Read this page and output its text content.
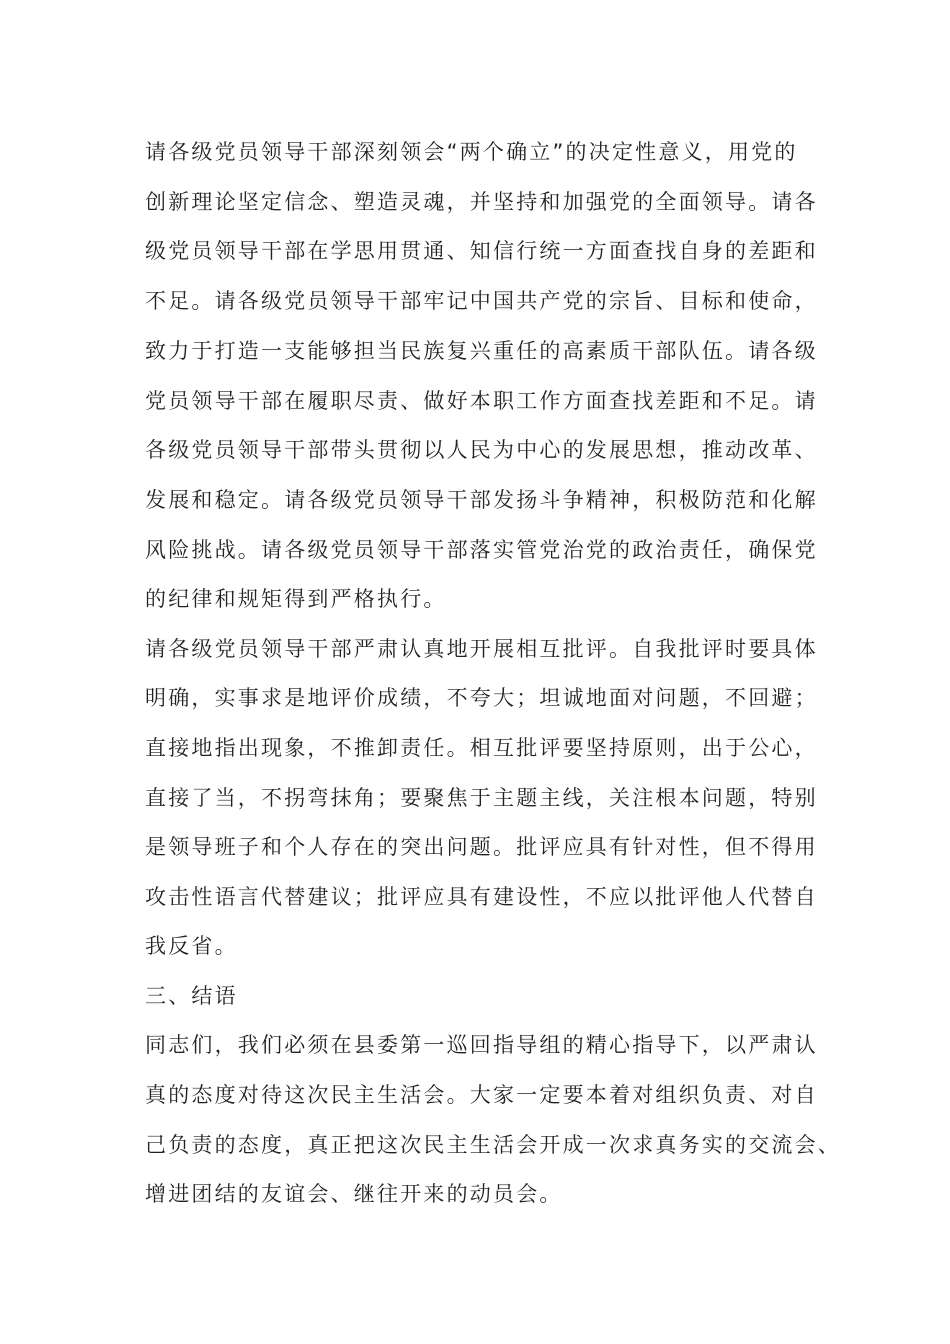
请各级党员领导干部深刻领会“两个确立”的决定性意义，用党的
创新理论坚定信念、塑造灵魂，并坚持和加强党的全面领导。请各
级党员领导干部在学思用贯通、知信行统一方面查找自身的差距和
不足。请各级党员领导干部牢记中国共产党的宗旨、目标和使命，
致力于打造一支能够担当民族复兴重任的高素质干部队伍。请各级
党员领导干部在履职尽责、做好本职工作方面查找差距和不足。请
各级党员领导干部带头贯彻以人民为中心的发展思想，推动改革、
发展和稳定。请各级党员领导干部发扬斗争精神，积极防范和化解
风险挑战。请各级党员领导干部落实管党治党的政治责任，确保党
的纪律和规矩得到严格执行。
请各级党员领导干部严肃认真地开展相互批评。自我批评时要具体
明确，实事求是地评价成绩，不夸大；坦诚地面对问题，不回避；
直接地指出现象，不推卸责任。相互批评要坚持原则，出于公心，
直接了当，不拐弯抹角；要聚焦于主题主线，关注根本问题，特别
是领导班子和个人存在的突出问题。批评应具有针对性，但不得用
攻击性语言代替建议；批评应具有建设性，不应以批评他人代替自
我反省。
三、结语
同志们，我们必须在县委第一巡回指导组的精心指导下，以严肃认
真的态度对待这次民主生活会。大家一定要本着对组织负责、对自
己负责的态度，真正把这次民主生活会开成一次求真务实的交流会、
增进团结的友谊会、继往开来的动员会。
